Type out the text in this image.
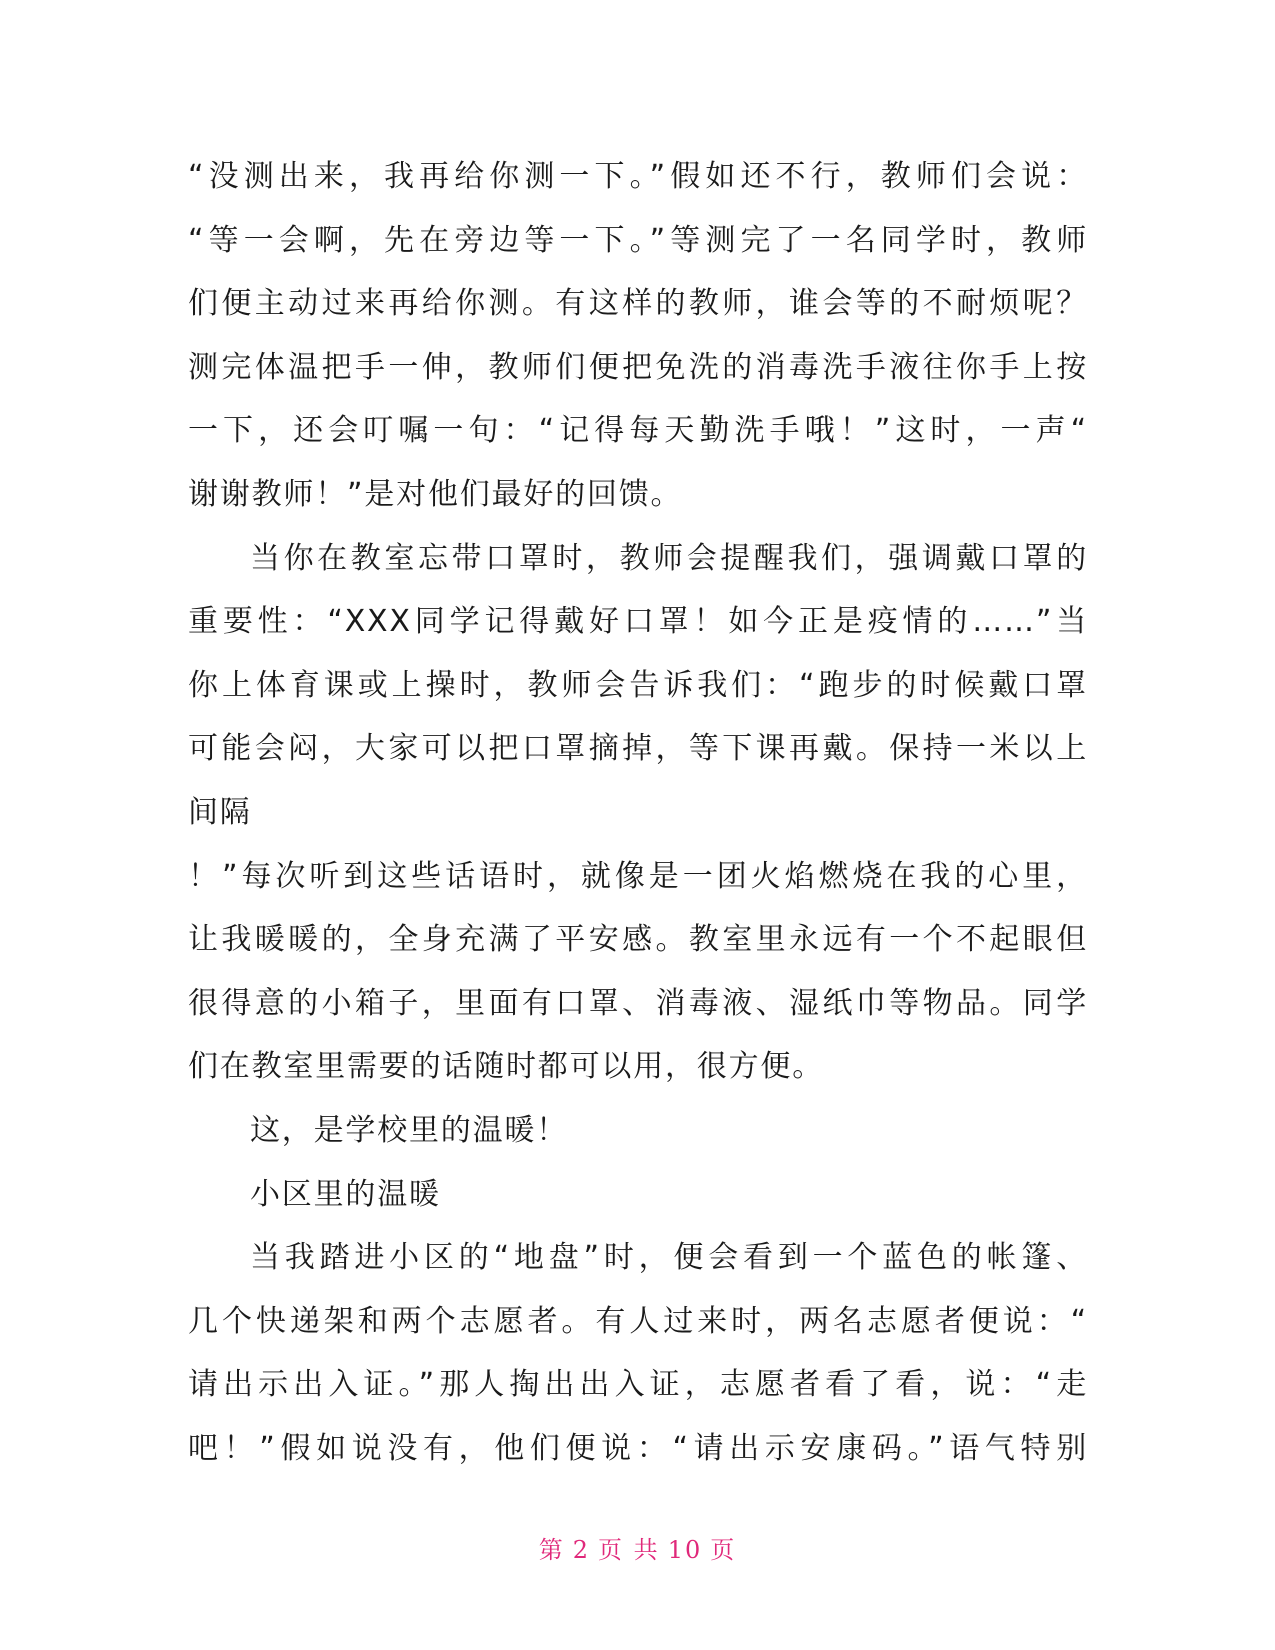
“没测出来，我再给你测一下。”假如还不行，教师们会说：
“等一会啊，先在旁边等一下。”等测完了一名同学时，教师
们便主动过来再给你测。有这样的教师，谁会等的不耐烦呢？
测完体温把手一伸，教师们便把免洗的消毒洗手液往你手上按
一下，还会叮嘱一句：“记得每天勤洗手哦！”这时，一声“
谢谢教师！”是对他们最好的回馈。
当你在教室忘带口罩时，教师会提醒我们，强调戴口罩的
重要性：“XXX同学记得戴好口罩！如今正是疫情的……”当
你上体育课或上操时，教师会告诉我们：“跑步的时候戴口罩
可能会闷，大家可以把口罩摘掉，等下课再戴。保持一米以上
间隔
！”每次听到这些话语时，就像是一团火焰燃烧在我的心里，
让我暖暖的，全身充满了平安感。教室里永远有一个不起眼但
很得意的小箱子，里面有口罩、消毒液、湿纸巾等物品。同学
们在教室里需要的话随时都可以用，很方便。
这，是学校里的温暖！
小区里的温暖
当我踏进小区的“地盘”时，便会看到一个蓝色的帐篷、
几个快递架和两个志愿者。有人过来时，两名志愿者便说：“
请出示出入证。”那人掏出出入证，志愿者看了看，说：“走
吧！”假如说没有，他们便说：“请出示安康码。”语气特别
第 2 页 共 10 页
